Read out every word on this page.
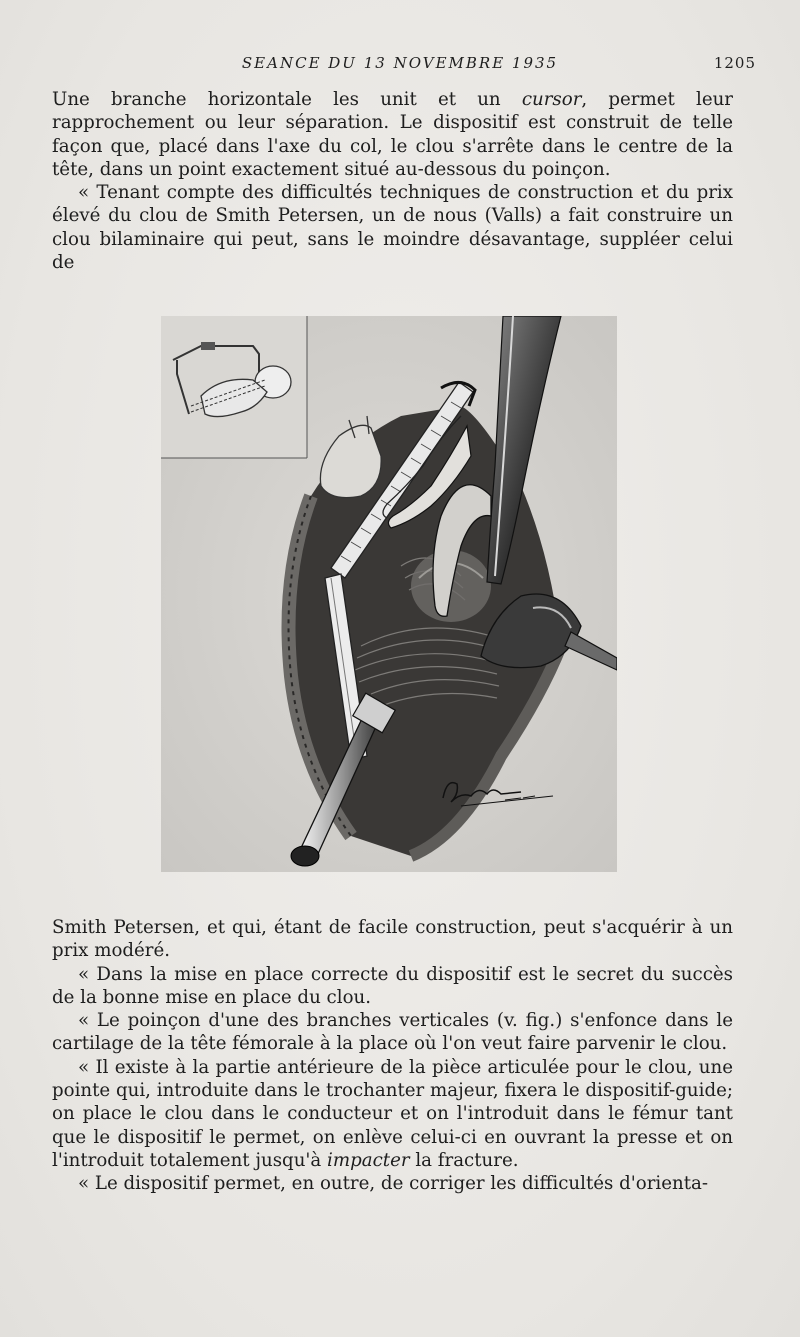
SEANCE DU 13 NOVEMBRE 1935	1205

Une branche horizontale les unit et un cursor, permet leur rapprochement ou leur séparation. Le dispositif est construit de telle façon que, placé dans l'axe du col, le clou s'arrête dans le centre de la tête, dans un point exactement situé au-dessous du poinçon.

« Tenant compte des difficultés techniques de construction et du prix élevé du clou de Smith Petersen, un de nous (Valls) a fait construire un clou bilaminaire qui peut, sans le moindre désavantage, suppléer celui de

Smith Petersen, et qui, étant de facile construction, peut s'acquérir à un prix modéré.

« Dans la mise en place correcte du dispositif est le secret du succès de la bonne mise en place du clou.

« Le poinçon d'une des branches verticales (v. fig.) s'enfonce dans le cartilage de la tête fémorale à la place où l'on veut faire parvenir le clou.

« Il existe à la partie antérieure de la pièce articulée pour le clou, une pointe qui, introduite dans le trochanter majeur, fixera le dispositif-guide; on place le clou dans le conducteur et on l'introduit dans le fémur tant que le dispositif le permet, on enlève celui-ci en ouvrant la presse et on l'introduit totalement jusqu'à impacter la fracture.

« Le dispositif permet, en outre, de corriger les difficultés d'orienta-
